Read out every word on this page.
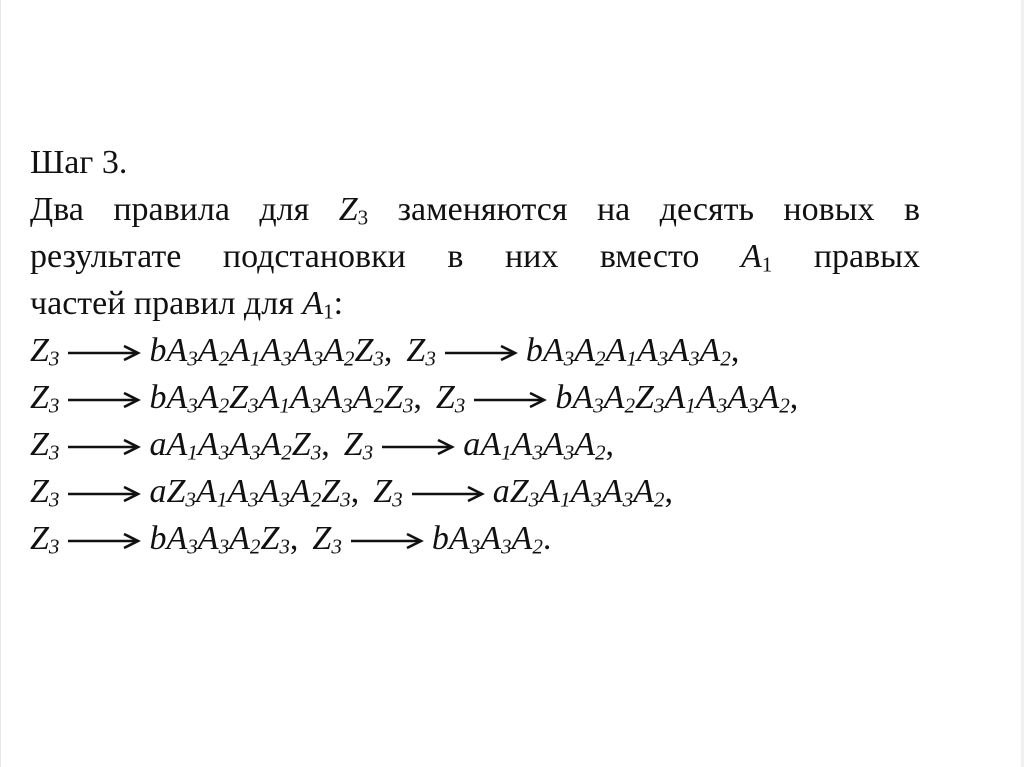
Шаг 3.
Два правила для $Z_3$ заменяются на десять новых в
результате подстановки в них вместо $A_1$ правых
частей правил для $A_1$:
$Z_3$	$bA_3A_2A_1A_3A_3A_2Z_3$, $Z_3$	$bA_3A_2A_1A_3A_3A_2$,
$Z_3$	$bA_3A_2Z_3A_1A_3A_3A_2Z_3$, $Z_3$	$bA_3A_2Z_3A_1A_3A_3A_2$,
$Z_3$	$aA_1A_3A_3A_2Z_3$, $Z_3$	$aA_1A_3A_3A_2$,
$Z_3$	$aZ_3A_1A_3A_3A_2Z_3$, $Z_3$	$aZ_3A_1A_3A_3A_2$,
$Z_3$	$bA_3A_3A_2Z_3$, $Z_3$	$bA_3A_3A_2$.
